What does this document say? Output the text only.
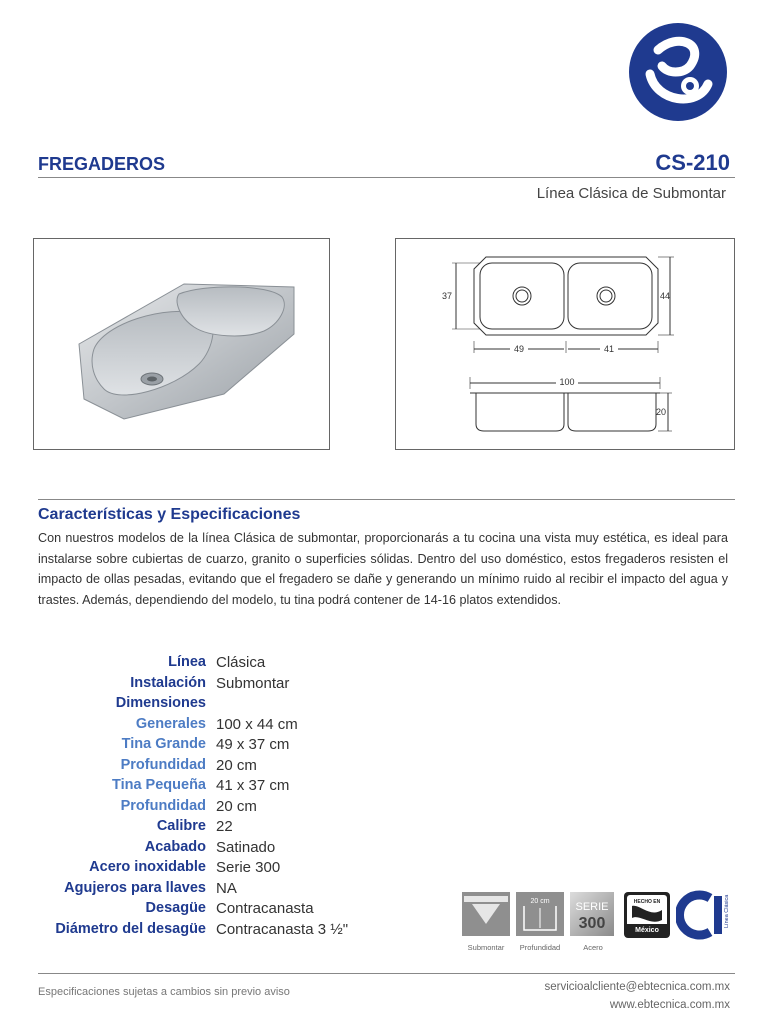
FREGADEROS	CS-210
Línea Clásica de Submontar
37	44
49	41
100
20
Características y Especificaciones
Con nuestros modelos de la línea Clásica de submontar, proporcionarás a tu cocina una vista muy estética, es ideal para instalarse sobre cubiertas de cuarzo, granito o superficies sólidas. Dentro del uso doméstico, estos fregaderos resisten el impacto de ollas pesadas, evitando que el fregadero se dañe y generando un mínimo ruido al recibir el impacto del agua y trastes. Además, dependiendo del modelo, tu tina podrá contener de 14-16 platos extendidos.
Línea Clásica
Instalación Submontar
Dimensiones
Generales 100 x 44 cm
Tina Grande 49 x 37 cm
Profundidad 20 cm
Tina Pequeña 41 x 37 cm
Profundidad 20 cm
Calibre 22
Acabado Satinado
Acero inoxidable Serie 300
Agujeros para llaves NA
Desagüe Contracanasta
Diámetro del desagüe Contracanasta 3 ½"
Submontar
20 cm
Profundidad
SERIE
300
Acero
HECHO EN
México
Línea Clásica
Especificaciones sujetas a cambios sin previo aviso	servicioalcliente@ebtecnica.com.mx
www.ebtecnica.com.mx
